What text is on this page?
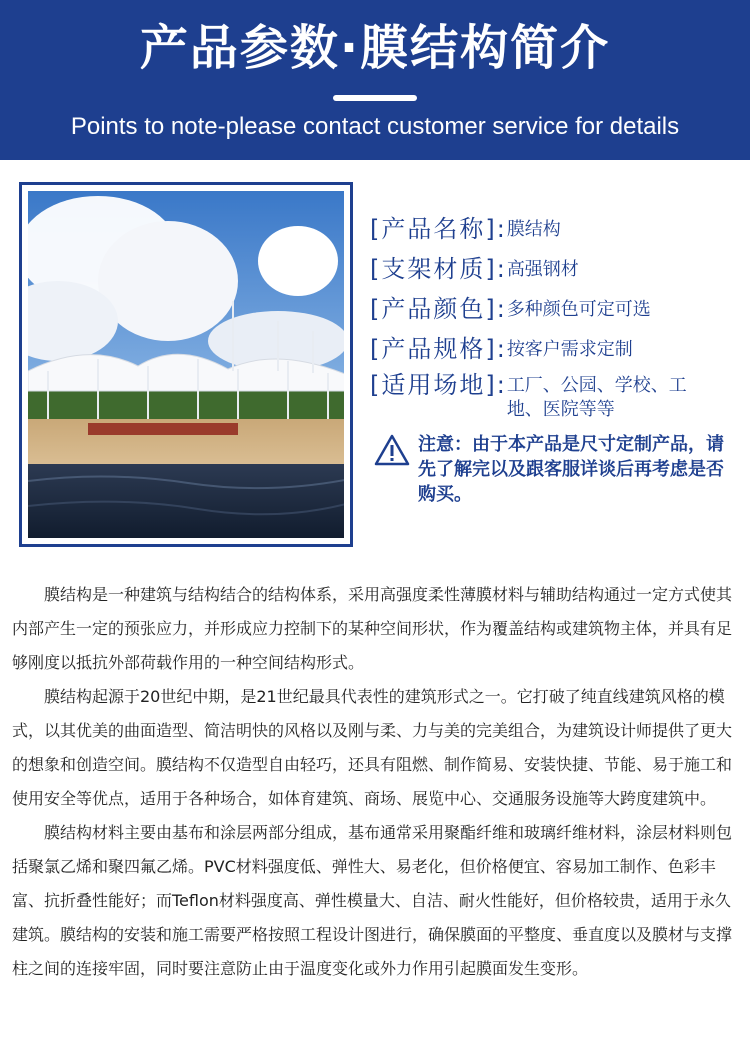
产品参数·膜结构简介
Points to note-please contact customer service for details
[产品名称]: 膜结构
[支架材质]: 高强钢材
[产品颜色]: 多种颜色可定可选
[产品规格]: 按客户需求定制
[适用场地]: 工厂、公园、学校、工地、医院等等
注意：由于本产品是尺寸定制产品，请先了解完以及跟客服详谈后再考虑是否购买。

膜结构是一种建筑与结构结合的结构体系，采用高强度柔性薄膜材料与辅助结构通过一定方式使其内部产生一定的预张应力，并形成应力控制下的某种空间形状，作为覆盖结构或建筑物主体，并具有足够刚度以抵抗外部荷载作用的一种空间结构形式。

膜结构起源于20世纪中期，是21世纪最具代表性的建筑形式之一。它打破了纯直线建筑风格的模式，以其优美的曲面造型、简洁明快的风格以及刚与柔、力与美的完美组合，为建筑设计师提供了更大的想象和创造空间。膜结构不仅造型自由轻巧，还具有阻燃、制作简易、安装快捷、节能、易于施工和使用安全等优点，适用于各种场合，如体育建筑、商场、展览中心、交通服务设施等大跨度建筑中。

膜结构材料主要由基布和涂层两部分组成，基布通常采用聚酯纤维和玻璃纤维材料，涂层材料则包括聚氯乙烯和聚四氟乙烯。PVC材料强度低、弹性大、易老化，但价格便宜、容易加工制作、色彩丰富、抗折叠性能好；而Teflon材料强度高、弹性模量大、自洁、耐火性能好，但价格较贵，适用于永久建筑。膜结构的安装和施工需要严格按照工程设计图进行，确保膜面的平整度、垂直度以及膜材与支撑柱之间的连接牢固，同时要注意防止由于温度变化或外力作用引起膜面发生变形。
